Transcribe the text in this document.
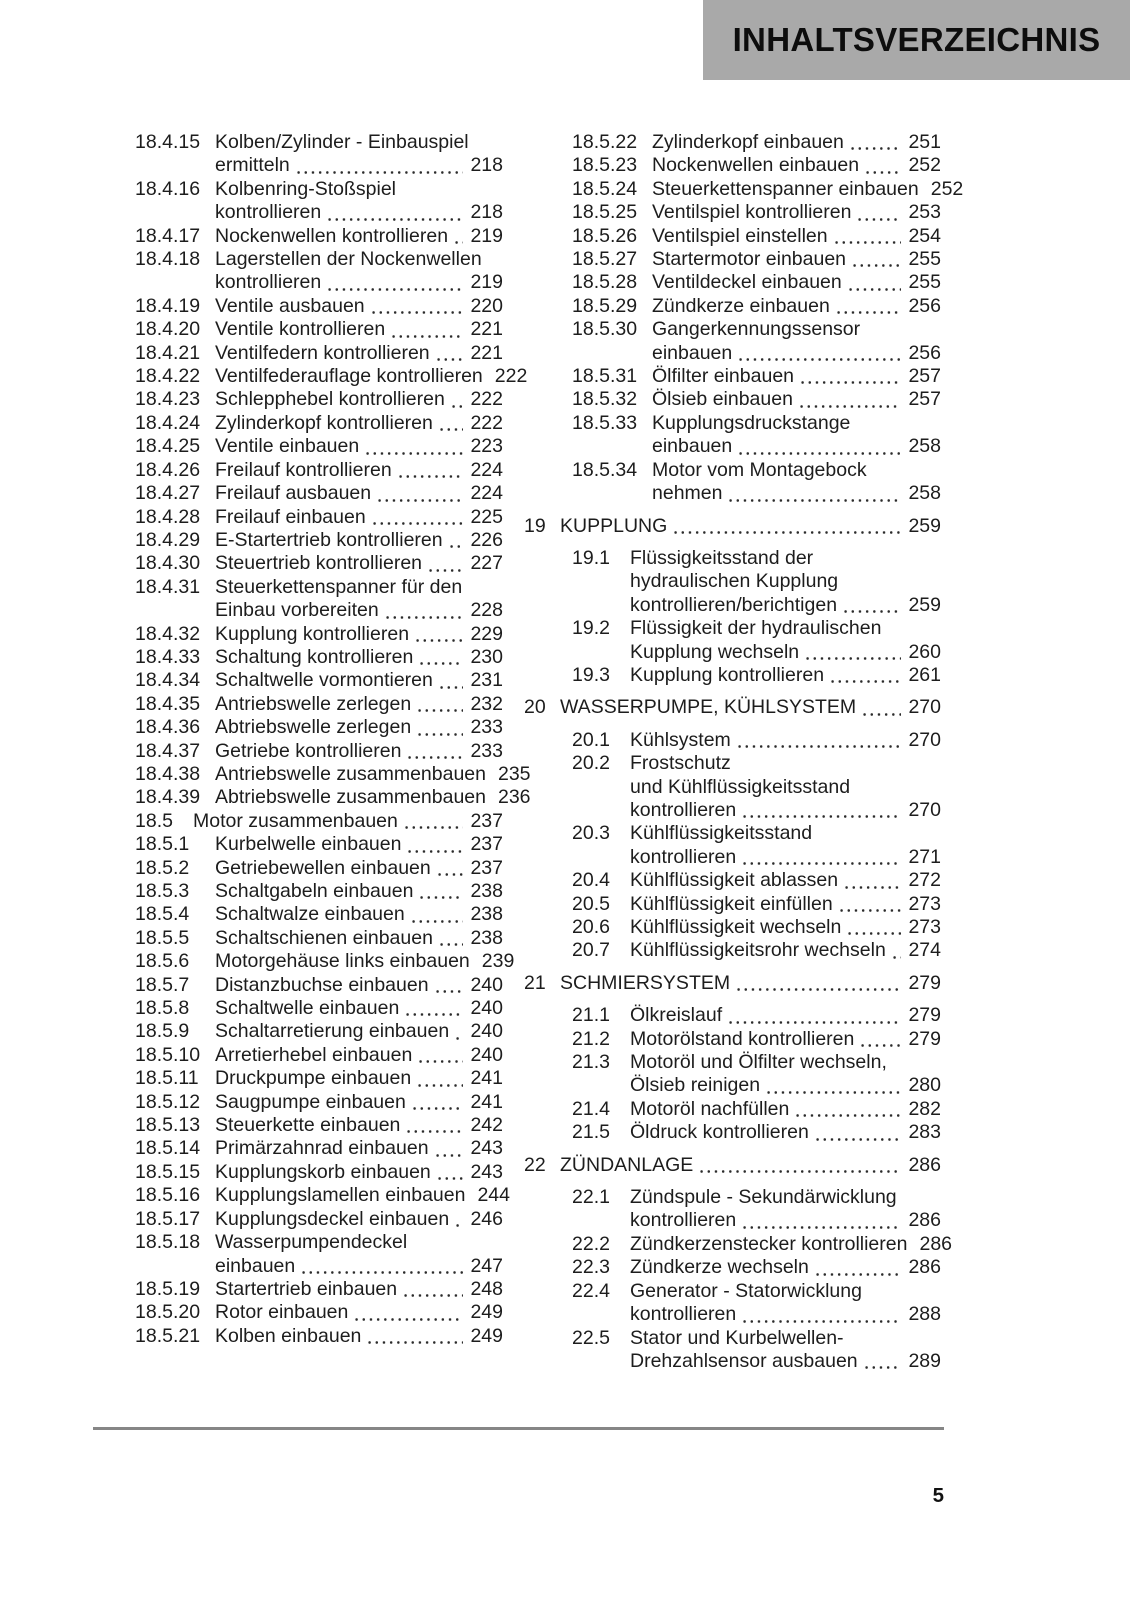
INHALTSVERZEICHNIS
18.4.15 Kolben/Zylinder - Einbauspiel
ermitteln	218
18.4.16 Kolbenring-Stoßspiel
kontrollieren	218
18.4.17 Nockenwellen kontrollieren	219
18.4.18 Lagerstellen der Nockenwellen
kontrollieren	219
18.4.19 Ventile ausbauen	220
18.4.20 Ventile kontrollieren	221
18.4.21 Ventilfedern kontrollieren	221
18.4.22 Ventilfederauflage kontrollieren 222
18.4.23 Schlepphebel kontrollieren	222
18.4.24 Zylinderkopf kontrollieren	222
18.4.25 Ventile einbauen	223
18.4.26 Freilauf kontrollieren	224
18.4.27 Freilauf ausbauen	224
18.4.28 Freilauf einbauen	225
18.4.29 E-Startertrieb kontrollieren	226
18.4.30 Steuertrieb kontrollieren	227
18.4.31 Steuerkettenspanner für den
Einbau vorbereiten	228
18.4.32 Kupplung kontrollieren	229
18.4.33 Schaltung kontrollieren	230
18.4.34 Schaltwelle vormontieren	231
18.4.35 Antriebswelle zerlegen	232
18.4.36 Abtriebswelle zerlegen	233
18.4.37 Getriebe kontrollieren	233
18.4.38 Antriebswelle zusammenbauen 235
18.4.39 Abtriebswelle zusammenbauen 236
18.5	Motor zusammenbauen	237
18.5.1	Kurbelwelle einbauen	237
18.5.2	Getriebewellen einbauen	237
18.5.3	Schaltgabeln einbauen	238
18.5.4	Schaltwalze einbauen	238
18.5.5	Schaltschienen einbauen	238
18.5.6	Motorgehäuse links einbauen 239
18.5.7	Distanzbuchse einbauen	240
18.5.8	Schaltwelle einbauen	240
18.5.9	Schaltarretierung einbauen	240
18.5.10 Arretierhebel einbauen	240
18.5.11 Druckpumpe einbauen	241
18.5.12 Saugpumpe einbauen	241
18.5.13 Steuerkette einbauen	242
18.5.14 Primärzahnrad einbauen	243
18.5.15 Kupplungskorb einbauen	243
18.5.16 Kupplungslamellen einbauen 244
18.5.17 Kupplungsdeckel einbauen	246
18.5.18 Wasserpumpendeckel
einbauen	247
18.5.19 Startertrieb einbauen	248
18.5.20 Rotor einbauen	249
18.5.21 Kolben einbauen	249
18.5.22 Zylinderkopf einbauen	251
18.5.23 Nockenwellen einbauen	252
18.5.24 Steuerkettenspanner einbauen 252
18.5.25 Ventilspiel kontrollieren	253
18.5.26 Ventilspiel einstellen	254
18.5.27 Startermotor einbauen	255
18.5.28 Ventildeckel einbauen	255
18.5.29 Zündkerze einbauen	256
18.5.30 Gangerkennungssensor
einbauen	256
18.5.31 Ölfilter einbauen	257
18.5.32 Ölsieb einbauen	257
18.5.33 Kupplungsdruckstange
einbauen	258
18.5.34 Motor vom Montagebock
nehmen	258
19 KUPPLUNG	259
19.1	Flüssigkeitsstand der
hydraulischen Kupplung
kontrollieren/berichtigen	259
19.2	Flüssigkeit der hydraulischen
Kupplung wechseln	260
19.3	Kupplung kontrollieren	261
20 WASSERPUMPE, KÜHLSYSTEM	270
20.1	Kühlsystem	270
20.2	Frostschutz
und Kühlflüssigkeitsstand
kontrollieren	270
20.3	Kühlflüssigkeitsstand
kontrollieren	271
20.4	Kühlflüssigkeit ablassen	272
20.5	Kühlflüssigkeit einfüllen	273
20.6	Kühlflüssigkeit wechseln	273
20.7	Kühlflüssigkeitsrohr wechseln	274
21 SCHMIERSYSTEM	279
21.1	Ölkreislauf	279
21.2	Motorölstand kontrollieren	279
21.3	Motoröl und Ölfilter wechseln,
Ölsieb reinigen	280
21.4	Motoröl nachfüllen	282
21.5	Öldruck kontrollieren	283
22 ZÜNDANLAGE	286
22.1	Zündspule - Sekundärwicklung
kontrollieren	286
22.2	Zündkerzenstecker kontrollieren 286
22.3	Zündkerze wechseln	286
22.4	Generator - Statorwicklung
kontrollieren	288
22.5	Stator und Kurbelwellen-
Drehzahlsensor ausbauen	289
5
